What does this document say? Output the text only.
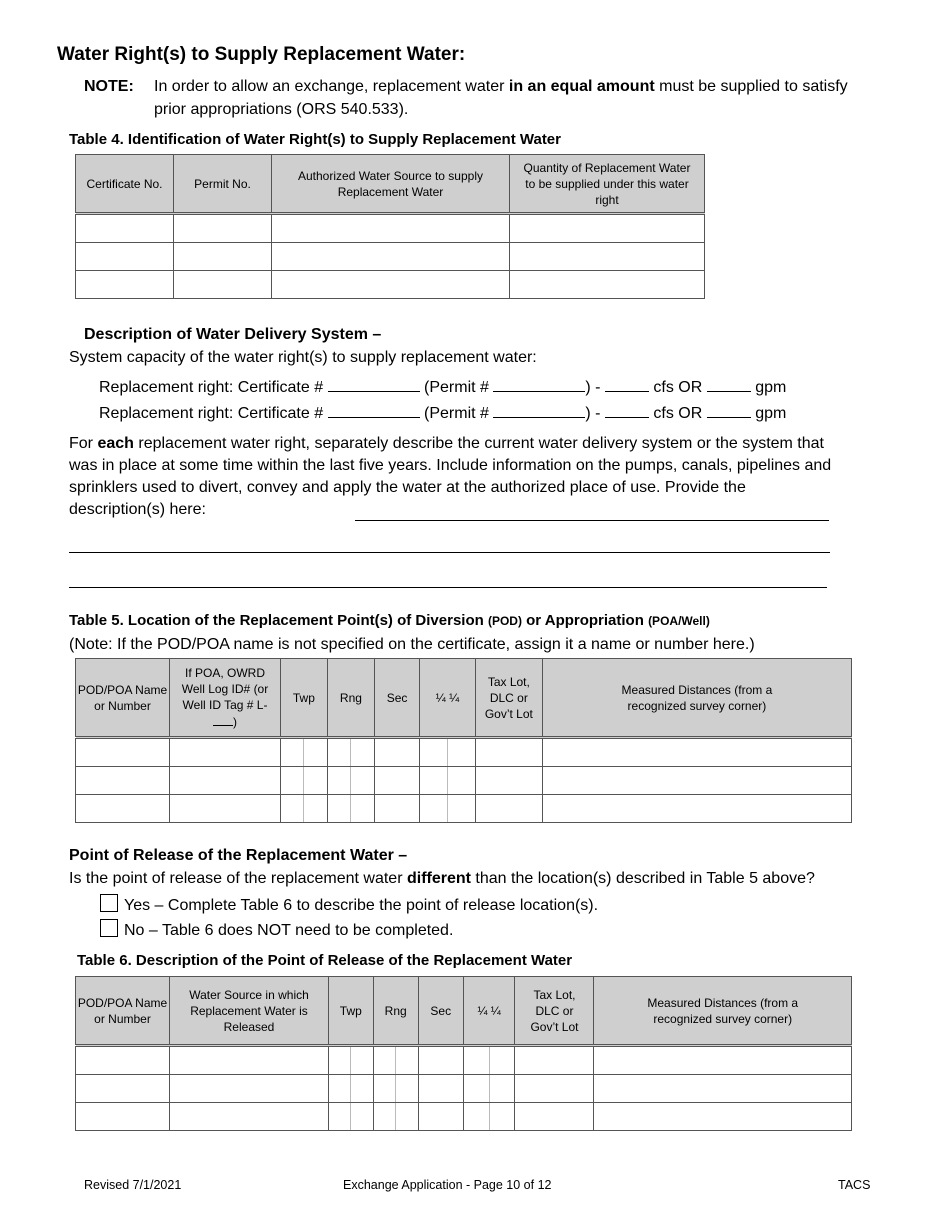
Water Right(s) to Supply Replacement Water:
NOTE: In order to allow an exchange, replacement water in an equal amount must be supplied to satisfy prior appropriations (ORS 540.533).
Table 4. Identification of Water Right(s) to Supply Replacement Water
Certificate No.	Permit No.	Authorized Water Source to supply Replacement Water	Quantity of Replacement Water to be supplied under this water right

Description of Water Delivery System –
System capacity of the water right(s) to supply replacement water:
Replacement right: Certificate #	(Permit #	) -	cfs OR	gpm
Replacement right: Certificate #	(Permit #	) -	cfs OR	gpm
For each replacement water right, separately describe the current water delivery system or the system that was in place at some time within the last five years. Include information on the pumps, canals, pipelines and sprinklers used to divert, convey and apply the water at the authorized place of use. Provide the description(s) here:
Table 5. Location of the Replacement Point(s) of Diversion (POD) or Appropriation (POA/Well)
(Note: If the POD/POA name is not specified on the certificate, assign it a name or number here.)
POD/POA Name or Number	If POA, OWRD Well Log ID# (or Well ID Tag # L-)	Twp		Rng		Sec	¼ ¼		Tax Lot, DLC or Gov’t Lot	Measured Distances (from a recognized survey corner)

Point of Release of the Replacement Water –
Is the point of release of the replacement water different than the location(s) described in Table 5 above?
Yes – Complete Table 6 to describe the point of release location(s).
No – Table 6 does NOT need to be completed.
Table 6. Description of the Point of Release of the Replacement Water
POD/POA Name or Number	Water Source in which Replacement Water is Released	Twp		Rng		Sec	¼ ¼		Tax Lot, DLC or Gov’t Lot	Measured Distances (from a recognized survey corner)

Revised 7/1/2021	Exchange Application - Page 10 of 12	TACS
